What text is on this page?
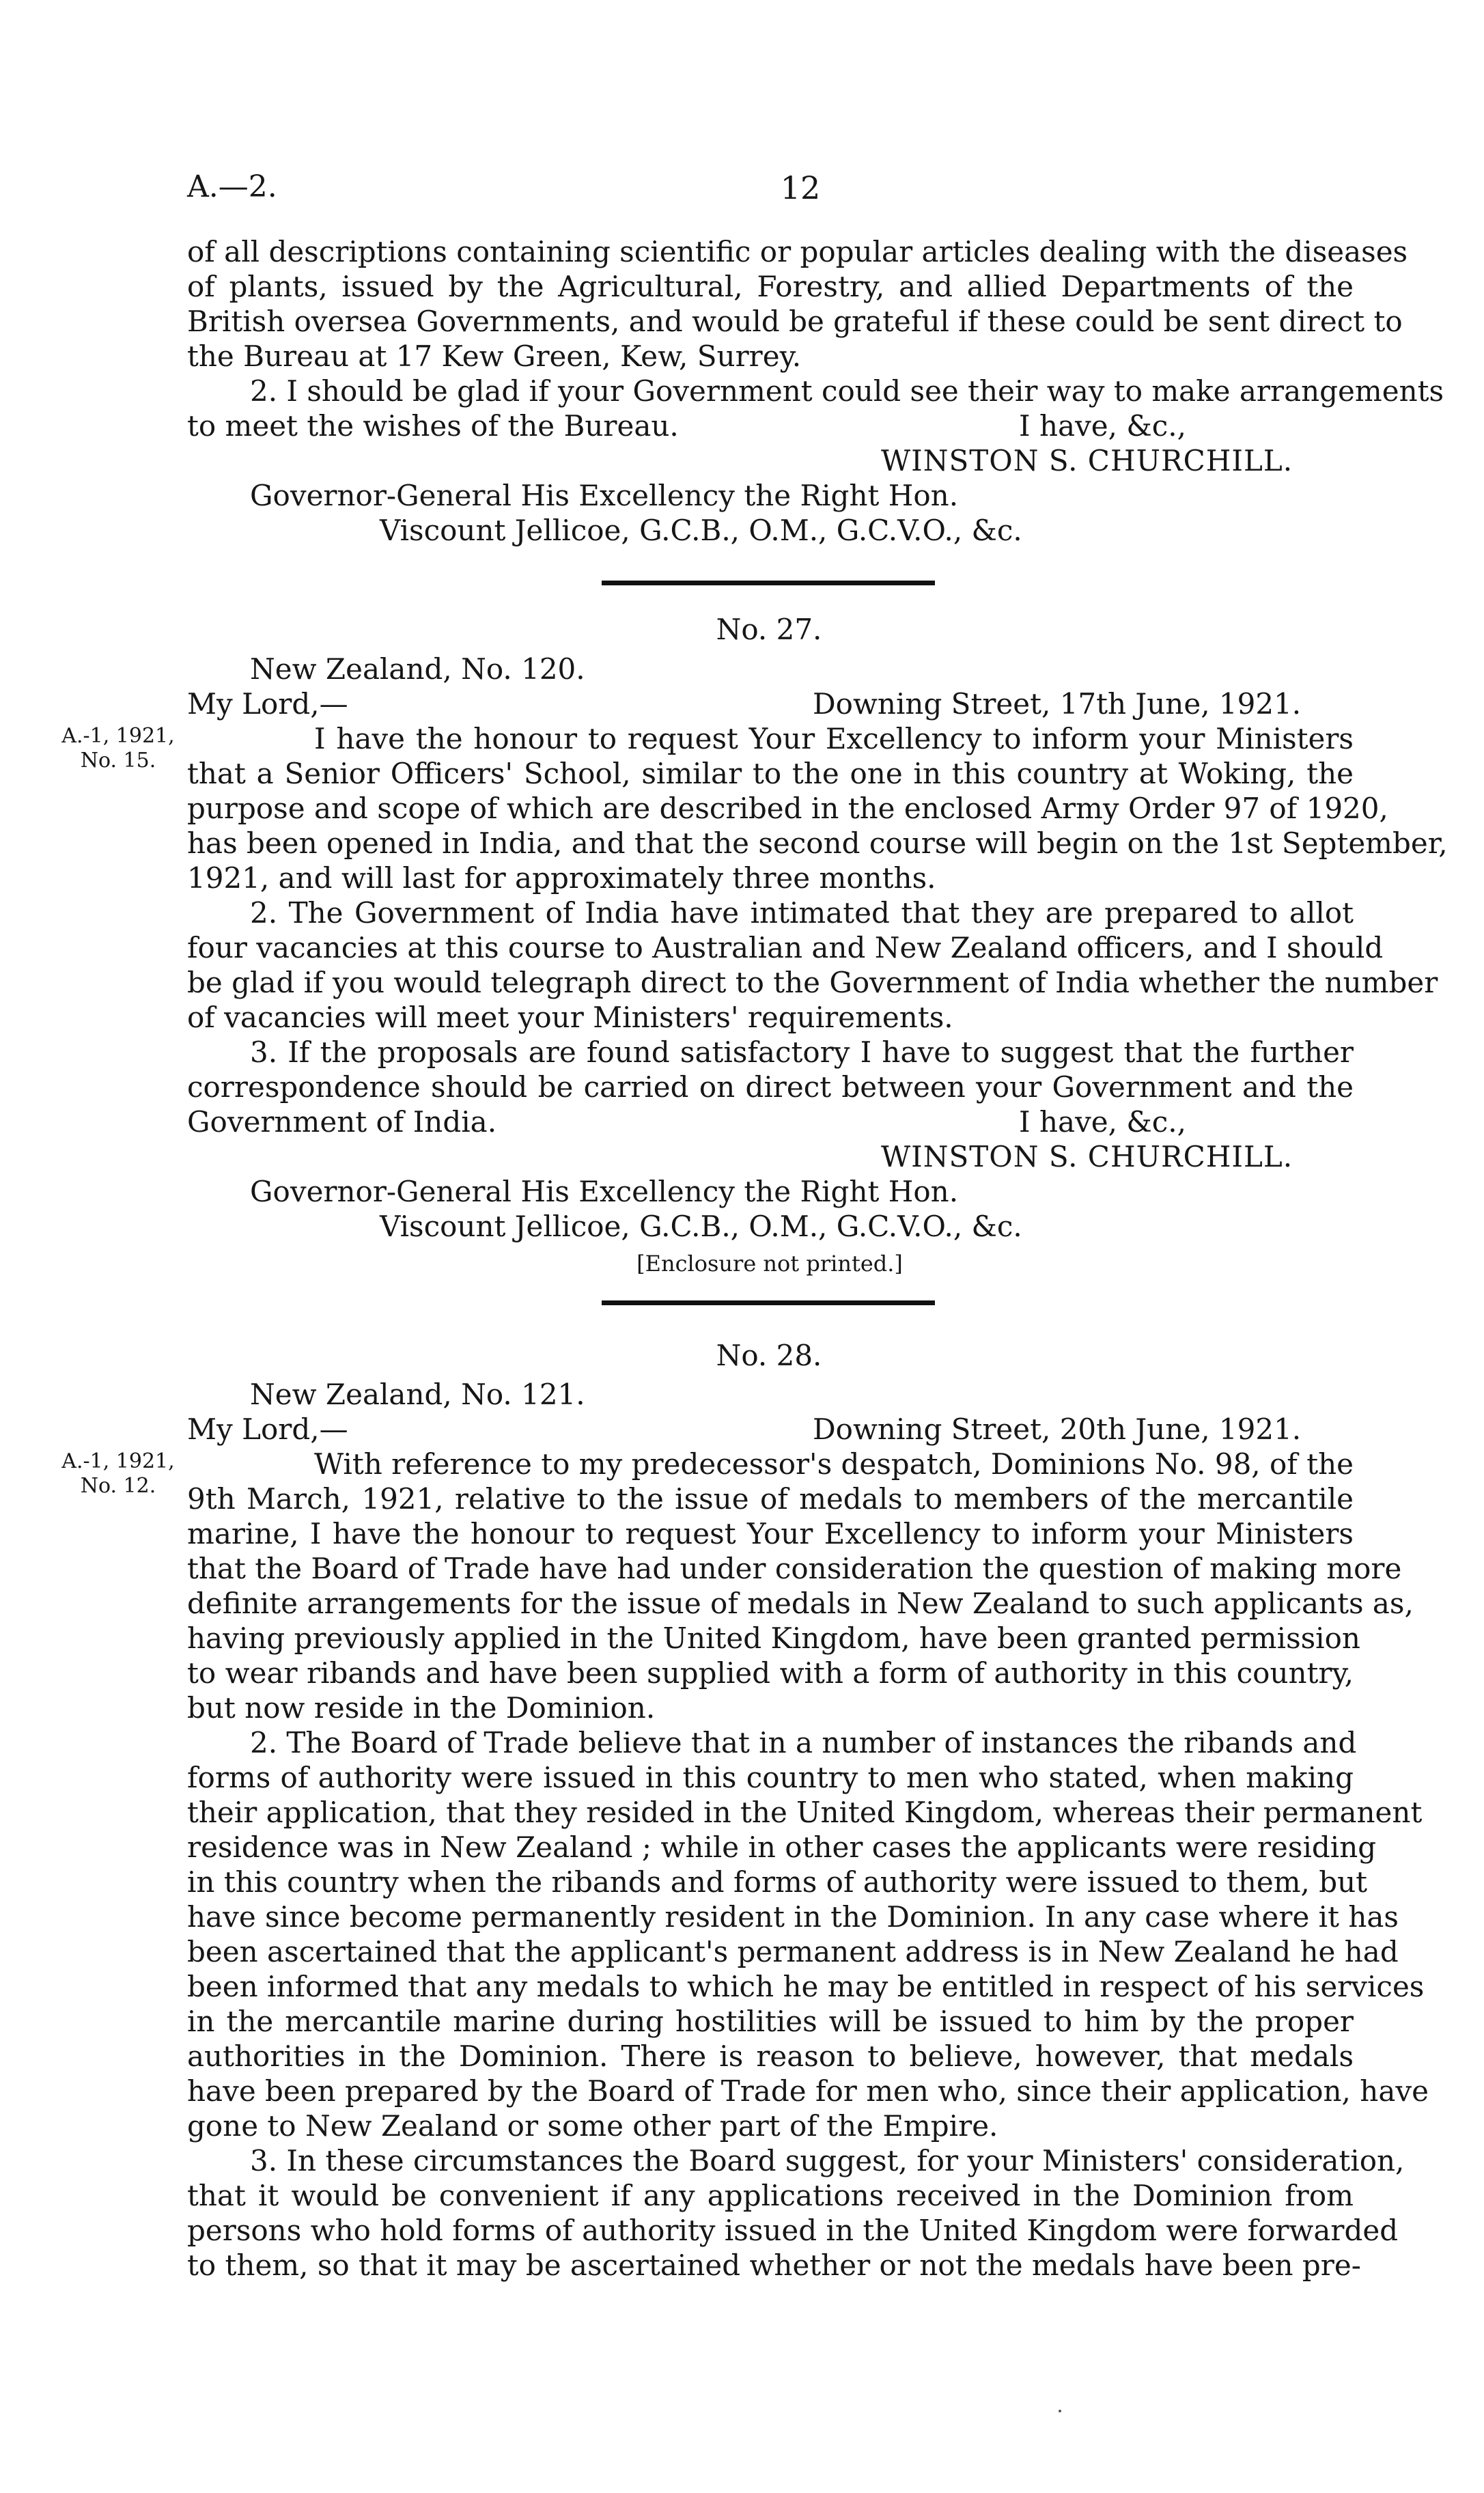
A.—2.	12
of all descriptions containing scientific or popular articles dealing with the diseases
of plants, issued by the Agricultural, Forestry, and allied Departments of the
British oversea Governments, and would be grateful if these could be sent direct to
the Bureau at 17 Kew Green, Kew, Surrey.
2. I should be glad if your Government could see their way to make arrangements
to meet the wishes of the Bureau.	I have, &c.,
WINSTON S. CHURCHILL.
Governor-General His Excellency the Right Hon.
Viscount Jellicoe, G.C.B., O.M., G.C.V.O., &c.
No. 27.
New Zealand, No. 120.
My Lord,—	Downing Street, 17th June, 1921.
A.-1, 1921,
No. 15.
I have the honour to request Your Excellency to inform your Ministers
that a Senior Officers' School, similar to the one in this country at Woking, the
purpose and scope of which are described in the enclosed Army Order 97 of 1920,
has been opened in India, and that the second course will begin on the 1st September,
1921, and will last for approximately three months.
2. The Government of India have intimated that they are prepared to allot
four vacancies at this course to Australian and New Zealand officers, and I should
be glad if you would telegraph direct to the Government of India whether the number
of vacancies will meet your Ministers' requirements.
3. If the proposals are found satisfactory I have to suggest that the further
correspondence should be carried on direct between your Government and the
Government of India.	I have, &c.,
WINSTON S. CHURCHILL.
Governor-General His Excellency the Right Hon.
Viscount Jellicoe, G.C.B., O.M., G.C.V.O., &c.
[Enclosure not printed.]
No. 28.
New Zealand, No. 121.
My Lord,—	Downing Street, 20th June, 1921.
A.-1, 1921,
No. 12.
With reference to my predecessor's despatch, Dominions No. 98, of the
9th March, 1921, relative to the issue of medals to members of the mercantile
marine, I have the honour to request Your Excellency to inform your Ministers
that the Board of Trade have had under consideration the question of making more
definite arrangements for the issue of medals in New Zealand to such applicants as,
having previously applied in the United Kingdom, have been granted permission
to wear ribands and have been supplied with a form of authority in this country,
but now reside in the Dominion.
2. The Board of Trade believe that in a number of instances the ribands and
forms of authority were issued in this country to men who stated, when making
their application, that they resided in the United Kingdom, whereas their permanent
residence was in New Zealand ; while in other cases the applicants were residing
in this country when the ribands and forms of authority were issued to them, but
have since become permanently resident in the Dominion. In any case where it has
been ascertained that the applicant's permanent address is in New Zealand he had
been informed that any medals to which he may be entitled in respect of his services
in the mercantile marine during hostilities will be issued to him by the proper
authorities in the Dominion. There is reason to believe, however, that medals
have been prepared by the Board of Trade for men who, since their application, have
gone to New Zealand or some other part of the Empire.
3. In these circumstances the Board suggest, for your Ministers' consideration,
that it would be convenient if any applications received in the Dominion from
persons who hold forms of authority issued in the United Kingdom were forwarded
to them, so that it may be ascertained whether or not the medals have been pre-
